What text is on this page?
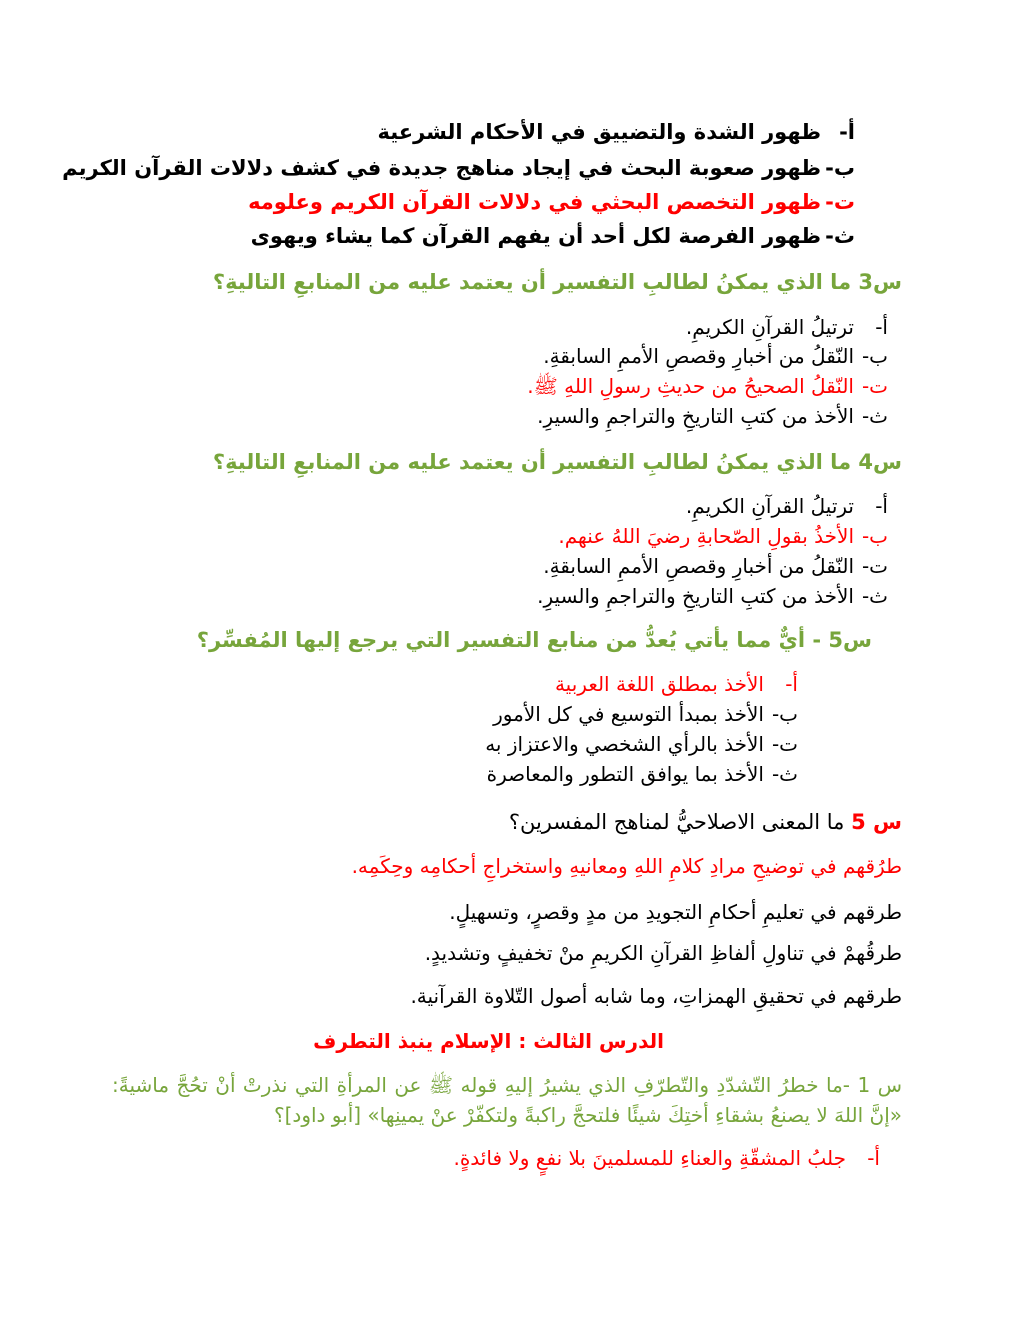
أ-ظهور الشدة والتضييق في الأحكام الشرعية
ب-ظهور صعوبة البحث في إيجاد مناهج جديدة في كشف دلالات القرآن الكريم
ت-ظهور التخصص البحثي في دلالات القرآن الكريم وعلومه
ث-ظهور الفرصة لكل أحد أن يفهم القرآن كما يشاء ويهوى
س3 ما الذي يمكنُ لطالبِ التفسير أن يعتمد عليه من المنابعِ التاليةِ؟
أ-ترتيلُ القرآنِ الكريمِ.
ب-النّقلُ من أخبارِ وقصصِ الأممِ السابقةِ.
ت-النّقلُ الصحيحُ من حديثِ رسولِ اللهِ ﷺ.
ث-الأخذ من كتبِ التاريخِ والتراجمِ والسيرِ.
س4 ما الذي يمكنُ لطالبِ التفسير أن يعتمد عليه من المنابعِ التاليةِ؟
أ-ترتيلُ القرآنِ الكريمِ.
ب-الأخذُ بقولِ الصّحابةِ رضيَ اللهُ عنهم.
ت-النّقلُ من أخبارِ وقصصِ الأممِ السابقةِ.
ث-الأخذ من كتبِ التاريخِ والتراجمِ والسيرِ.
س5 - أيٌّ مما يأتي يُعدُّ من منابع التفسير التي يرجع إليها المُفسِّر؟
أ-الأخذ بمطلق اللغة العربية
ب-الأخذ بمبدأ التوسيع في كل الأمور
ت-الأخذ بالرأي الشخصي والاعتزاز به
ث-الأخذ بما يوافق التطور والمعاصرة
س 5 ما المعنى الاصلاحيُّ لمناهج المفسرين؟
طرُقهم في توضيحِ مرادِ كلامِ اللهِ ومعانيهِ واستخراجِ أحكامِه وحِكَمِه.
طرقهم في تعليمِ أحكامِ التجويدِ من مدٍ وقصرٍ، وتسهيلٍ.
طرقُهمْ في تناولِ ألفاظِ القرآنِ الكريمِ منْ تخفيفٍ وتشديدٍ.
طرقهم في تحقيقِ الهمزاتِ، وما شابه أصول التّلاوة القرآنية.
الدرس الثالث : الإسلام ينبذ التطرف
س 1 -ما خطرُ التّشدّدِ والتّطرّفِ الذي يشيرُ إليهِ قوله ﷺ عن المرأةِ التي نذرتْ أنْ تحُجَّ ماشيةً: «إنَّ اللهَ لا يصنعُ بشقاءِ أختِكَ شيئًا فلتحجَّ راكبةً ولتكفّرْ عنْ يمينِها» [أبو داود]؟
أ-جلبُ المشقّةِ والعناءِ للمسلمينَ بلا نفعٍ ولا فائدةٍ.
